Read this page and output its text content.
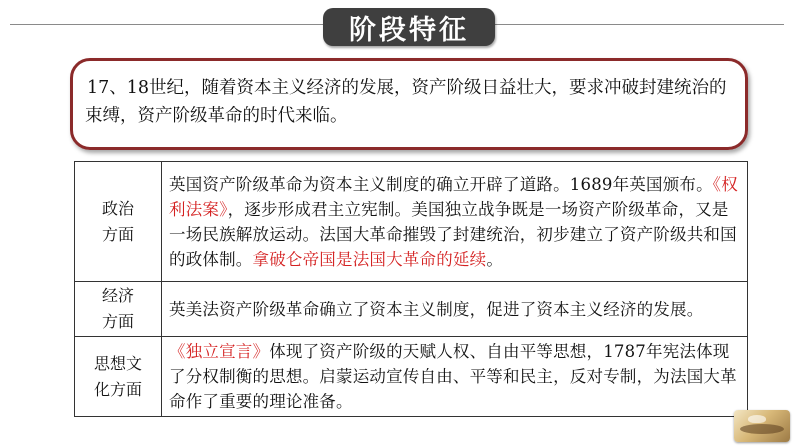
阶段特征
17、18世纪，随着资本主义经济的发展，资产阶级日益壮大，要求冲破封建统治的束缚，资产阶级革命的时代来临。
政治
方面	英国资产阶级革命为资本主义制度的确立开辟了道路。1689年英国颁布。《权利法案》，逐步形成君主立宪制。美国独立战争既是一场资产阶级革命，又是一场民族解放运动。法国大革命摧毁了封建统治，初步建立了资产阶级共和国的政体制。拿破仑帝国是法国大革命的延续。

经济
方面	英美法资产阶级革命确立了资本主义制度，促进了资本主义经济的发展。

思想文
化方面	《独立宣言》体现了资产阶级的天赋人权、自由平等思想，1787年宪法体现了分权制衡的思想。启蒙运动宣传自由、平等和民主，反对专制，为法国大革命作了重要的理论准备。
